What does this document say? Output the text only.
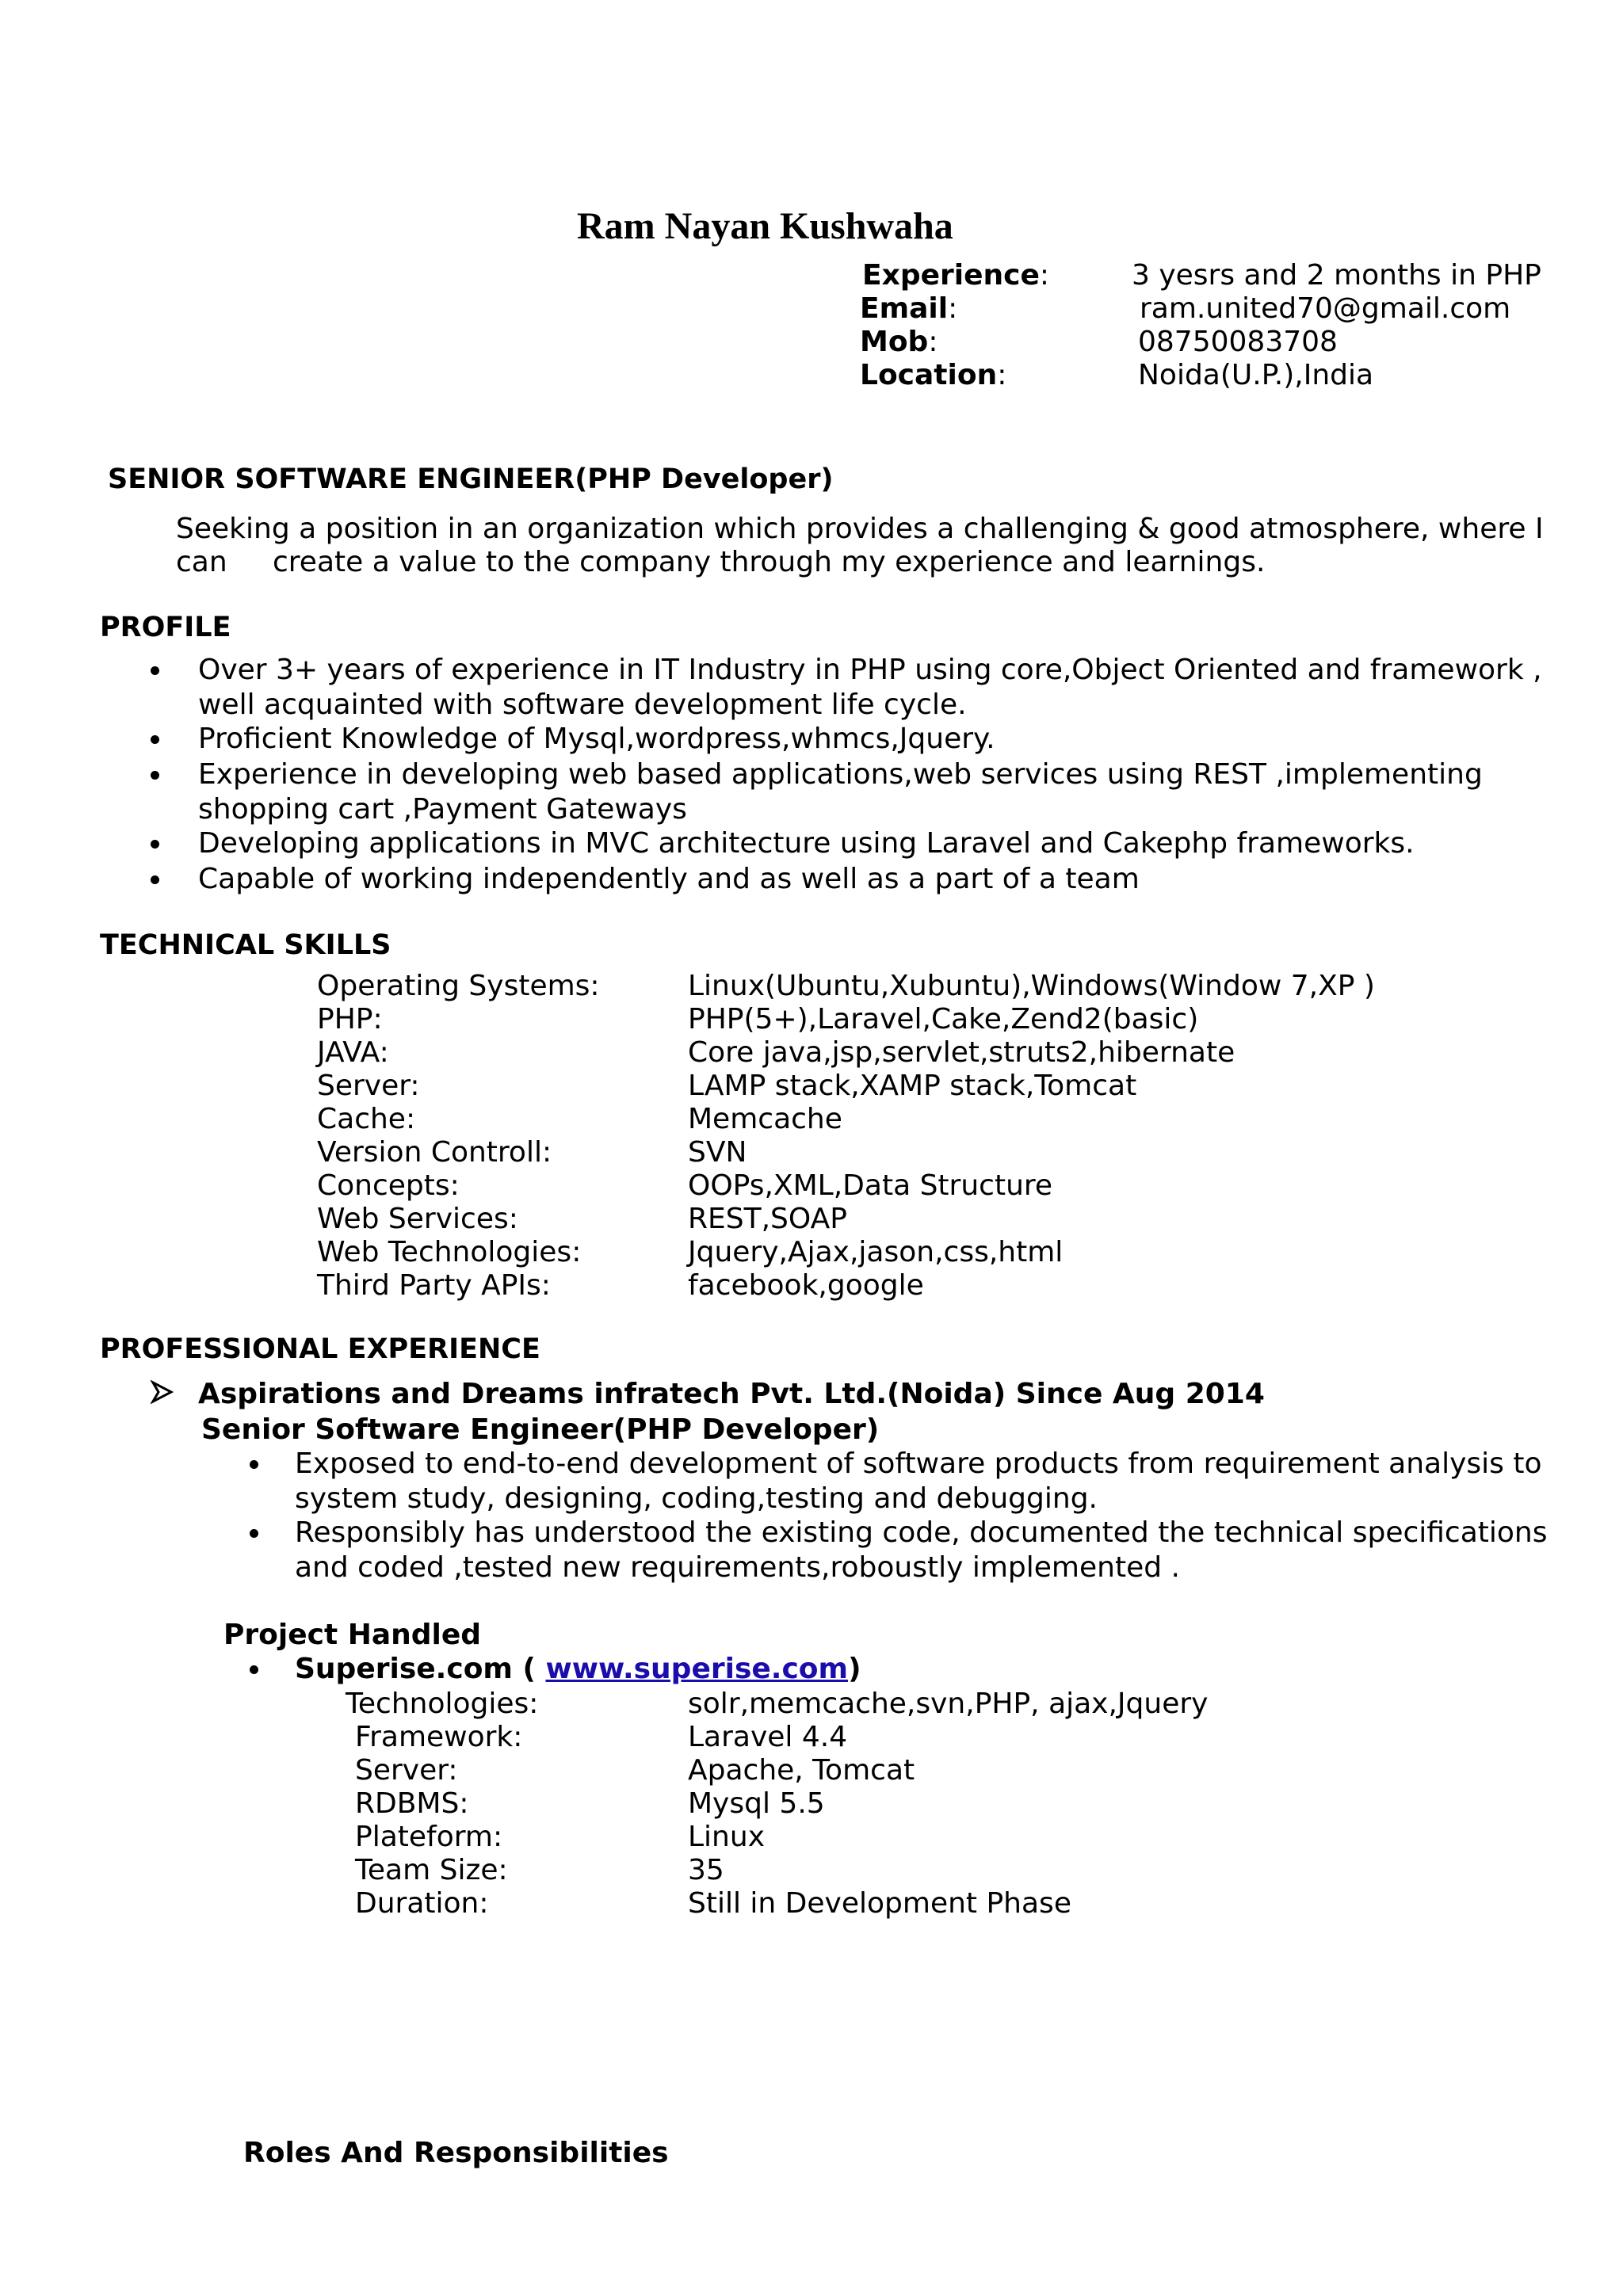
Ram Nayan Kushwaha
Experience:	3 yesrs and 2 months in PHP
Email:	ram.united70@gmail.com
Mob:	08750083708
Location:	Noida(U.P.),India
SENIOR SOFTWARE ENGINEER(PHP Developer)
Seeking a position in an organization which provides a challenging & good atmosphere, where I
can create a value to the company through my experience and learnings.
PROFILE
Over 3+ years of experience in IT Industry in PHP using core,Object Oriented and framework ,
well acquainted with software development life cycle.
Proficient Knowledge of Mysql,wordpress,whmcs,Jquery.
Experience in developing web based applications,web services using REST ,implementing
shopping cart ,Payment Gateways
Developing applications in MVC architecture using Laravel and Cakephp frameworks.
Capable of working independently and as well as a part of a team
TECHNICAL SKILLS
Operating Systems:	Linux(Ubuntu,Xubuntu),Windows(Window 7,XP )
PHP:	PHP(5+),Laravel,Cake,Zend2(basic)
JAVA:	Core java,jsp,servlet,struts2,hibernate
Server:	LAMP stack,XAMP stack,Tomcat
Cache:	Memcache
Version Controll:	SVN
Concepts:	OOPs,XML,Data Structure
Web Services:	REST,SOAP
Web Technologies:	Jquery,Ajax,jason,css,html
Third Party APIs:	facebook,google
PROFESSIONAL EXPERIENCE
Aspirations and Dreams infratech Pvt. Ltd.(Noida) Since Aug 2014
Senior Software Engineer(PHP Developer)
Exposed to end-to-end development of software products from requirement analysis to
system study, designing, coding,testing and debugging.
Responsibly has understood the existing code, documented the technical specifications
and coded ,tested new requirements,roboustly implemented .
Project Handled
Superise.com ( www.superise.com)
Technologies:	solr,memcache,svn,PHP, ajax,Jquery
Framework:	Laravel 4.4
Server:	Apache, Tomcat
RDBMS:	Mysql 5.5
Plateform:	Linux
Team Size:	35
Duration:	Still in Development Phase
Roles And Responsibilities
